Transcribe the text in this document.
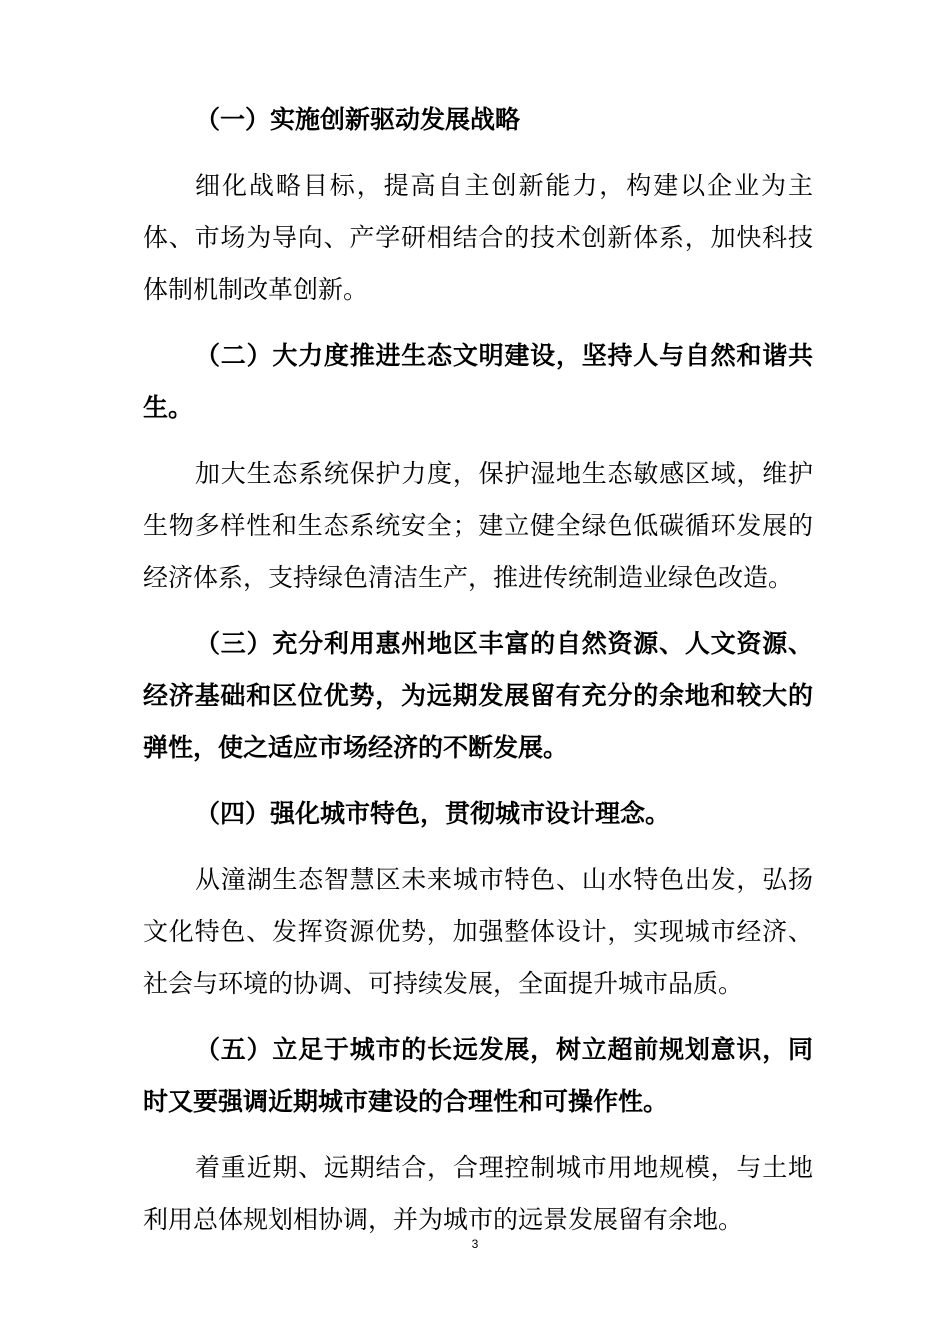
（一）实施创新驱动发展战略

细化战略目标，提高自主创新能力，构建以企业为主体、市场为导向、产学研相结合的技术创新体系，加快科技体制机制改革创新。

（二）大力度推进生态文明建设，坚持人与自然和谐共生。

加大生态系统保护力度，保护湿地生态敏感区域，维护生物多样性和生态系统安全；建立健全绿色低碳循环发展的经济体系，支持绿色清洁生产，推进传统制造业绿色改造。

（三）充分利用惠州地区丰富的自然资源、人文资源、经济基础和区位优势，为远期发展留有充分的余地和较大的弹性，使之适应市场经济的不断发展。

（四）强化城市特色，贯彻城市设计理念。

从潼湖生态智慧区未来城市特色、山水特色出发，弘扬文化特色、发挥资源优势，加强整体设计，实现城市经济、社会与环境的协调、可持续发展，全面提升城市品质。

（五）立足于城市的长远发展，树立超前规划意识，同时又要强调近期城市建设的合理性和可操作性。

着重近期、远期结合，合理控制城市用地规模，与土地利用总体规划相协调，并为城市的远景发展留有余地。

3
